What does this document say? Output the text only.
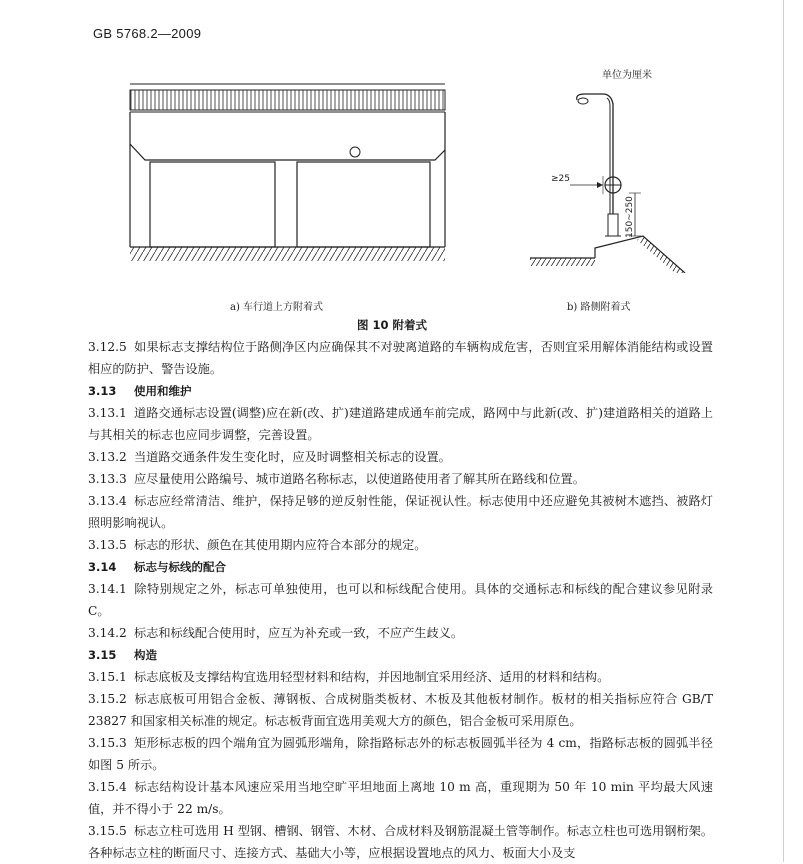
GB 5768.2—2009
≥25
150~250
单位为厘米
a) 车行道上方附着式	b) 路侧附着式
图 10 附着式

3.12.5 如果标志支撑结构位于路侧净区内应确保其不对驶离道路的车辆构成危害，否则宜采用解体消能结构或设置相应的防护、警告设施。

3.13 使用和维护

3.13.1 道路交通标志设置(调整)应在新(改、扩)建道路建成通车前完成，路网中与此新(改、扩)建道路相关的道路上与其相关的标志也应同步调整，完善设置。

3.13.2 当道路交通条件发生变化时，应及时调整相关标志的设置。

3.13.3 应尽量使用公路编号、城市道路名称标志，以使道路使用者了解其所在路线和位置。

3.13.4 标志应经常清洁、维护，保持足够的逆反射性能，保证视认性。标志使用中还应避免其被树木遮挡、被路灯照明影响视认。

3.13.5 标志的形状、颜色在其使用期内应符合本部分的规定。

3.14 标志与标线的配合

3.14.1 除特别规定之外，标志可单独使用，也可以和标线配合使用。具体的交通标志和标线的配合建议参见附录 C。

3.14.2 标志和标线配合使用时，应互为补充或一致，不应产生歧义。

3.15 构造

3.15.1 标志底板及支撑结构宜选用轻型材料和结构，并因地制宜采用经济、适用的材料和结构。

3.15.2 标志底板可用铝合金板、薄钢板、合成树脂类板材、木板及其他板材制作。板材的相关指标应符合 GB/T 23827 和国家相关标准的规定。标志板背面宜选用美观大方的颜色，铝合金板可采用原色。

3.15.3 矩形标志板的四个端角宜为圆弧形端角，除指路标志外的标志板圆弧半径为 4 cm，指路标志板的圆弧半径如图 5 所示。

3.15.4 标志结构设计基本风速应采用当地空旷平坦地面上离地 10 m 高，重现期为 50 年 10 min 平均最大风速值，并不得小于 22 m/s。

3.15.5 标志立柱可选用 H 型钢、槽钢、钢管、木材、合成材料及钢筋混凝土管等制作。标志立柱也可选用钢桁架。各种标志立柱的断面尺寸、连接方式、基础大小等，应根据设置地点的风力、板面大小及支
